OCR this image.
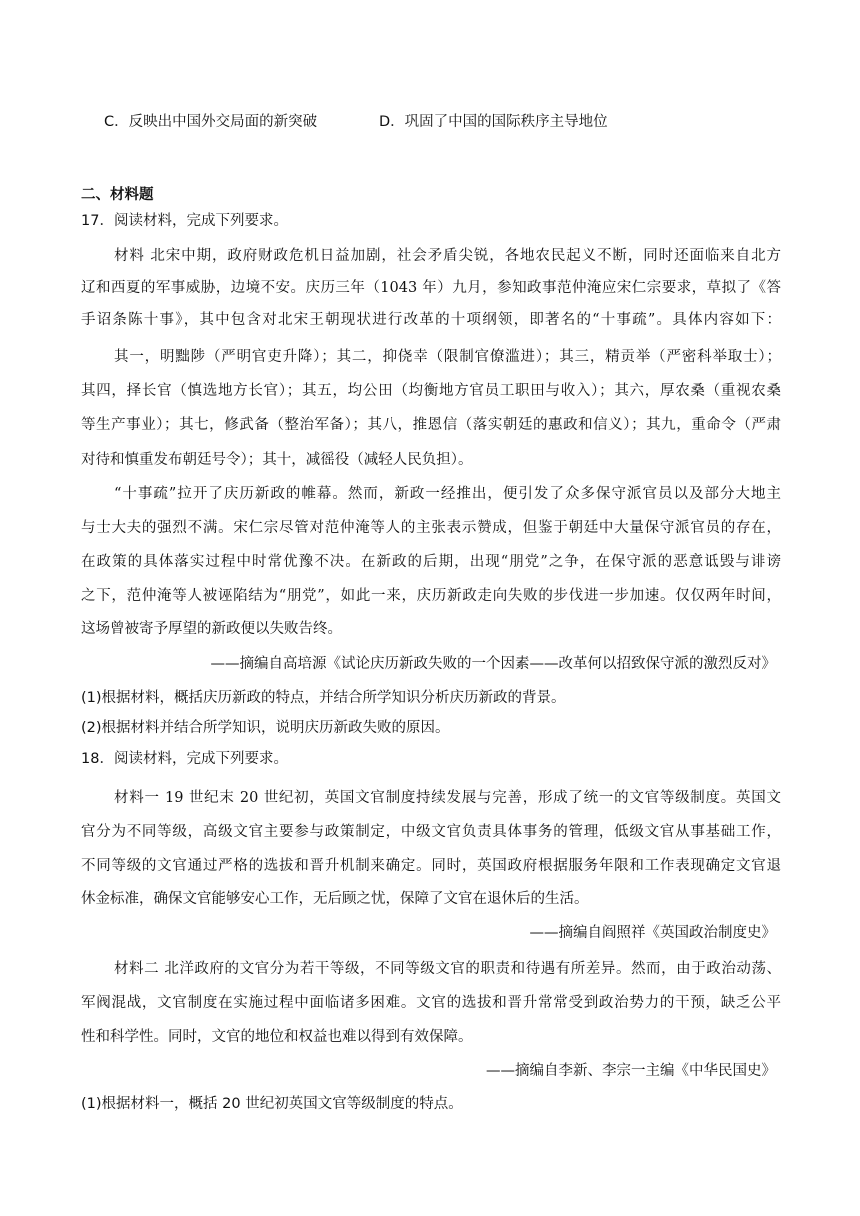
C．反映出中国外交局面的新突破	D．巩固了中国的国际秩序主导地位
二、材料题
17．阅读材料，完成下列要求。
材料 北宋中期，政府财政危机日益加剧，社会矛盾尖锐，各地农民起义不断，同时还面临来自北方
辽和西夏的军事威胁，边境不安。庆历三年（1043 年）九月，参知政事范仲淹应宋仁宗要求，草拟了《答
手诏条陈十事》，其中包含对北宋王朝现状进行改革的十项纲领，即著名的“十事疏”。具体内容如下：
其一，明黜陟（严明官吏升降）；其二，抑侥幸（限制官僚滥进）；其三，精贡举（严密科举取士）；
其四，择长官（慎选地方长官）；其五，均公田（均衡地方官员工职田与收入）；其六，厚农桑（重视农桑
等生产事业）；其七，修武备（整治军备）；其八，推恩信（落实朝廷的惠政和信义）；其九，重命令（严肃
对待和慎重发布朝廷号令）；其十，减徭役（减轻人民负担）。
“十事疏”拉开了庆历新政的帷幕。然而，新政一经推出，便引发了众多保守派官员以及部分大地主
与士大夫的强烈不满。宋仁宗尽管对范仲淹等人的主张表示赞成，但鉴于朝廷中大量保守派官员的存在，
在政策的具体落实过程中时常优豫不决。在新政的后期，出现“朋党”之争，在保守派的恶意诋毁与诽谤
之下，范仲淹等人被诬陷结为“朋党”，如此一来，庆历新政走向失败的步伐进一步加速。仅仅两年时间，
这场曾被寄予厚望的新政便以失败告终。
——摘编自高培源《试论庆历新政失败的一个因素——改革何以招致保守派的激烈反对》
(1)根据材料，概括庆历新政的特点，并结合所学知识分析庆历新政的背景。
(2)根据材料并结合所学知识，说明庆历新政失败的原因。
18．阅读材料，完成下列要求。
材料一 19 世纪末 20 世纪初，英国文官制度持续发展与完善，形成了统一的文官等级制度。英国文
官分为不同等级，高级文官主要参与政策制定，中级文官负责具体事务的管理，低级文官从事基础工作，
不同等级的文官通过严格的选拔和晋升机制来确定。同时，英国政府根据服务年限和工作表现确定文官退
休金标准，确保文官能够安心工作，无后顾之忧，保障了文官在退休后的生活。
——摘编自阎照祥《英国政治制度史》
材料二 北洋政府的文官分为若干等级，不同等级文官的职责和待遇有所差异。然而，由于政治动荡、
军阀混战，文官制度在实施过程中面临诸多困难。文官的选拔和晋升常常受到政治势力的干预，缺乏公平
性和科学性。同时，文官的地位和权益也难以得到有效保障。
——摘编自李新、李宗一主编《中华民国史》
(1)根据材料一，概括 20 世纪初英国文官等级制度的特点。
